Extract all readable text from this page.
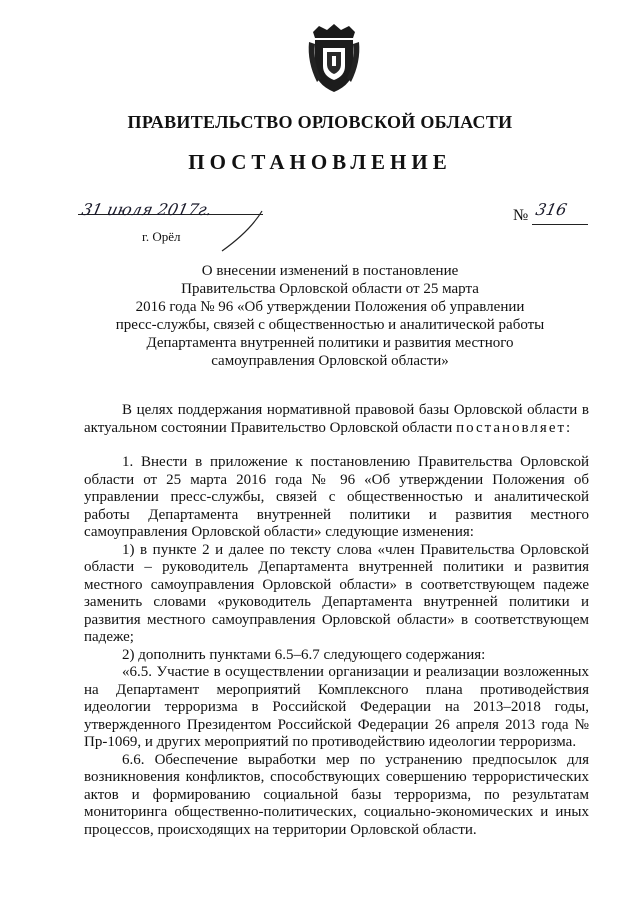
ПРАВИТЕЛЬСТВО ОРЛОВСКОЙ ОБЛАСТИ
ПОСТАНОВЛЕНИЕ
31 июля 2017г.	№ 316
г. Орёл
О внесении изменений в постановление
Правительства Орловской области от 25 марта
2016 года № 96 «Об утверждении Положения об управлении
пресс-службы, связей с общественностью и аналитической работы
Департамента внутренней политики и развития местного
самоуправления Орловской области»

В целях поддержания нормативной правовой базы Орловской области в актуальном состоянии Правительство Орловской области постановляет:

1. Внести в приложение к постановлению Правительства Орловской области от 25 марта 2016 года № 96 «Об утверждении Положения об управлении пресс-службы, связей с общественностью и аналитической работы Департамента внутренней политики и развития местного самоуправления Орловской области» следующие изменения:

1) в пункте 2 и далее по тексту слова «член Правительства Орловской области – руководитель Департамента внутренней политики и развития местного самоуправления Орловской области» в соответствующем падеже заменить словами «руководитель Департамента внутренней политики и развития местного самоуправления Орловской области» в соответствующем падеже;

2) дополнить пунктами 6.5–6.7 следующего содержания:

«6.5. Участие в осуществлении организации и реализации возложенных на Департамент мероприятий Комплексного плана противодействия идеологии терроризма в Российской Федерации на 2013–2018 годы, утвержденного Президентом Российской Федерации 26 апреля 2013 года № Пр-1069, и других мероприятий по противодействию идеологии терроризма.

6.6. Обеспечение выработки мер по устранению предпосылок для возникновения конфликтов, способствующих совершению террористических актов и формированию социальной базы терроризма, по результатам мониторинга общественно-политических, социально-экономических и иных процессов, происходящих на территории Орловской области.
